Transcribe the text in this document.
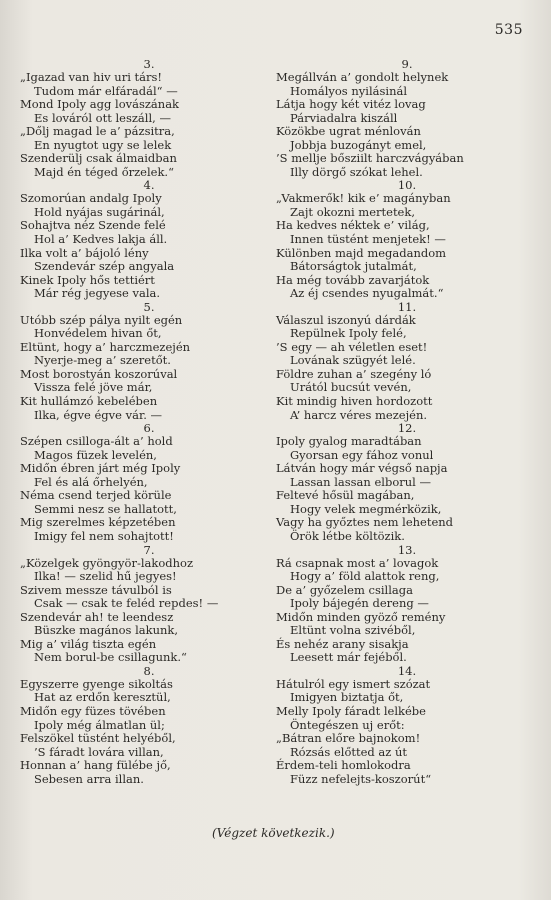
535
3.
„Igazad van hiv uri társ!
Tudom már elfáradál“ —
Mond Ipoly agg lovászának
Es lováról ott leszáll, —
„Dőlj magad le a’ pázsitra,
En nyugtot ugy se lelek
Szenderülj csak álmaidban
Majd én téged őrzelek.“
4.
Szomorúan andalg Ipoly
Hold nyájas sugárinál,
Sohajtva néz Szende felé
Hol a’ Kedves lakja áll.
Ilka volt a’ bájoló lény
Szendevár szép angyala
Kinek Ipoly hős tettiért
Már rég jegyese vala.
5.
Utóbb szép pálya nyilt egén
Honvédelem hivan őt,
Eltünt, hogy a’ harczmezején
Nyerje-meg a’ szeretőt.
Most borostyán koszorúval
Vissza felé jöve már,
Kit hullámzó kebelében
Ilka, égve égve vár. —
6.
Szépen csilloga-ált a’ hold
Magos füzek levelén,
Midőn ébren járt még Ipoly
Fel és alá őrhelyén,
Néma csend terjed körüle
Semmi nesz se hallatott,
Mig szerelmes képzetében
Imigy fel nem sohajtott!
7.
„Közelgek gyöngyör-lakodhoz
Ilka! — szelid hű jegyes!
Szivem messze távulból is
Csak — csak te feléd repdes! —
Szendevár ah! te leendesz
Büszke magános lakunk,
Mig a’ világ tiszta egén
Nem borul-be csillagunk.“
8.
Egyszerre gyenge sikoltás
Hat az erdőn keresztül,
Midőn egy füzes tövében
Ipoly még álmatlan ül;
Felszökel tüstént helyéből,
’S fáradt lovára villan,
Honnan a’ hang fülébe jő,
Sebesen arra illan.
9.
Megállván a’ gondolt helynek
Homályos nyilásinál
Látja hogy két vitéz lovag
Párviadalra kiszáll
Közökbe ugrat ménlován
Jobbja buzogányt emel,
’S mellje bősziilt harczvágyában
Illy dörgő szókat lehel.
10.
„Vakmerők! kik e’ magányban
Zajt okozni mertetek,
Ha kedves néktek e’ világ,
Innen tüstént menjetek! —
Különben majd megadandom
Bátorságtok jutalmát,
Ha még tovább zavarjátok
Az éj csendes nyugalmát.“
11.
Válaszul iszonyú dárdák
Repülnek Ipoly felé,
’S egy — ah véletlen eset!
Lovának szügyét lelé.
Földre zuhan a’ szegény ló
Urától bucsút vevén,
Kit mindig hiven hordozott
A’ harcz véres mezején.
12.
Ipoly gyalog maradtában
Gyorsan egy fához vonul
Látván hogy már végső napja
Lassan lassan elborul —
Feltevé hősül magában,
Hogy velek megmérközik,
Vagy ha győztes nem lehetend
Örök létbe költözik.
13.
Rá csapnak most a’ lovagok
Hogy a’ föld alattok reng,
De a’ győzelem csillaga
Ipoly bájegén dereng —
Midőn minden gyöző remény
Eltünt volna szivéből,
És nehéz arany sisakja
Leesett már fejéből.
14.
Hátulról egy ismert szózat
Imigyen biztatja őt,
Melly Ipoly fáradt lelkébe
Öntegészen uj erőt:
„Bátran előre bajnokom!
Rózsás előtted az út
Érdem-teli homlokodra
Füzz nefelejts-koszorút“
(Végzet következik.)
